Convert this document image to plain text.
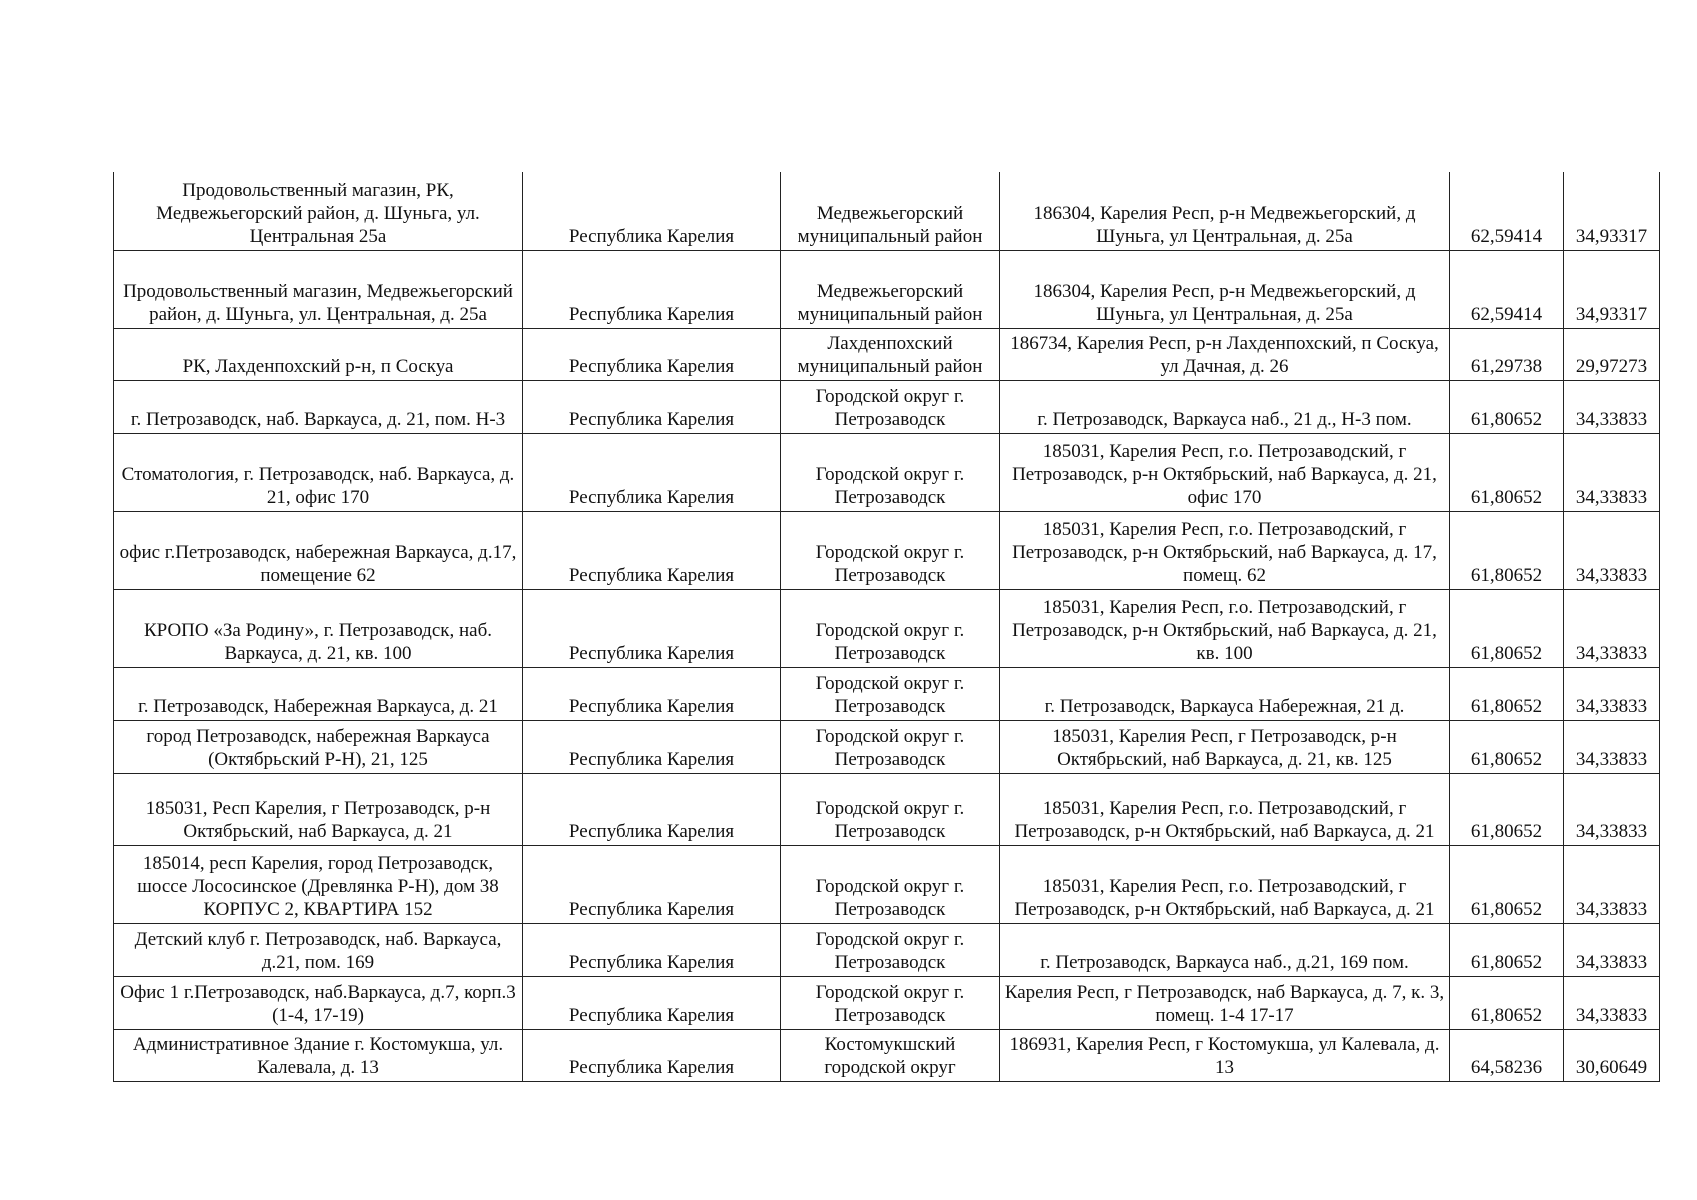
Продовольственный магазин, РК, Медвежьегорский район, д. Шуньга, ул. Центральная 25а	Республика Карелия	Медвежьегорский муниципальный район	186304, Карелия Респ, р-н Медвежьегорский, д Шуньга, ул Центральная, д. 25а	62,59414	34,93317
Продовольственный магазин, Медвежьегорский район, д. Шуньга, ул. Центральная, д. 25а	Республика Карелия	Медвежьегорский муниципальный район	186304, Карелия Респ, р-н Медвежьегорский, д Шуньга, ул Центральная, д. 25а	62,59414	34,93317
РК, Лахденпохский р-н, п Соскуа	Республика Карелия	Лахденпохский муниципальный район	186734, Карелия Респ, р-н Лахденпохский, п Соскуа, ул Дачная, д. 26	61,29738	29,97273
г. Петрозаводск, наб. Варкауса, д. 21, пом. Н-3	Республика Карелия	Городской округ г. Петрозаводск	г. Петрозаводск, Варкауса наб., 21 д., Н-3 пом.	61,80652	34,33833
Стоматология, г. Петрозаводск, наб. Варкауса, д. 21, офис 170	Республика Карелия	Городской округ г. Петрозаводск	185031, Карелия Респ, г.о. Петрозаводский, г Петрозаводск, р-н Октябрьский, наб Варкауса, д. 21, офис 170	61,80652	34,33833
офис г.Петрозаводск, набережная Варкауса, д.17, помещение 62	Республика Карелия	Городской округ г. Петрозаводск	185031, Карелия Респ, г.о. Петрозаводский, г Петрозаводск, р-н Октябрьский, наб Варкауса, д. 17, помещ. 62	61,80652	34,33833
КРОПО «За Родину», г. Петрозаводск, наб. Варкауса, д. 21, кв. 100	Республика Карелия	Городской округ г. Петрозаводск	185031, Карелия Респ, г.о. Петрозаводский, г Петрозаводск, р-н Октябрьский, наб Варкауса, д. 21, кв. 100	61,80652	34,33833
г. Петрозаводск, Набережная Варкауса, д. 21	Республика Карелия	Городской округ г. Петрозаводск	г. Петрозаводск, Варкауса Набережная, 21 д.	61,80652	34,33833
город Петрозаводск, набережная Варкауса (Октябрьский Р-Н), 21, 125	Республика Карелия	Городской округ г. Петрозаводск	185031, Карелия Респ, г Петрозаводск, р-н Октябрьский, наб Варкауса, д. 21, кв. 125	61,80652	34,33833
185031, Респ Карелия, г Петрозаводск, р-н Октябрьский, наб Варкауса, д. 21	Республика Карелия	Городской округ г. Петрозаводск	185031, Карелия Респ, г.о. Петрозаводский, г Петрозаводск, р-н Октябрьский, наб Варкауса, д. 21	61,80652	34,33833
185014, респ Карелия, город Петрозаводск, шоссе Лососинское (Древлянка Р-Н), дом 38 КОРПУС 2, КВАРТИРА 152	Республика Карелия	Городской округ г. Петрозаводск	185031, Карелия Респ, г.о. Петрозаводский, г Петрозаводск, р-н Октябрьский, наб Варкауса, д. 21	61,80652	34,33833
Детский клуб г. Петрозаводск, наб. Варкауса, д.21, пом. 169	Республика Карелия	Городской округ г. Петрозаводск	г. Петрозаводск, Варкауса наб., д.21, 169 пом.	61,80652	34,33833
Офис 1 г.Петрозаводск, наб.Варкауса, д.7, корп.3 (1-4, 17-19)	Республика Карелия	Городской округ г. Петрозаводск	Карелия Респ, г Петрозаводск, наб Варкауса, д. 7, к. 3, помещ. 1-4 17-17	61,80652	34,33833
Административное Здание г. Костомукша, ул. Калевала, д. 13	Республика Карелия	Костомукшский городской округ	186931, Карелия Респ, г Костомукша, ул Калевала, д. 13	64,58236	30,60649
